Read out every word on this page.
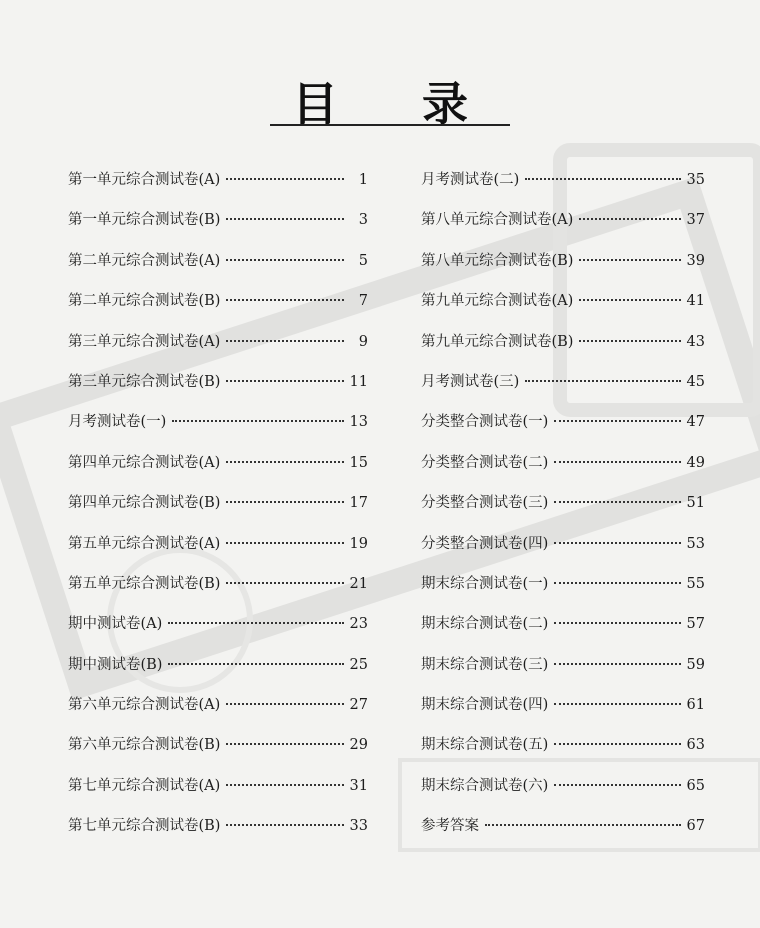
目 录
第一单元综合测试卷(A)	1
第一单元综合测试卷(B)	3
第二单元综合测试卷(A)	5
第二单元综合测试卷(B)	7
第三单元综合测试卷(A)	9
第三单元综合测试卷(B)	11
月考测试卷(一)	13
第四单元综合测试卷(A)	15
第四单元综合测试卷(B)	17
第五单元综合测试卷(A)	19
第五单元综合测试卷(B)	21
期中测试卷(A)	23
期中测试卷(B)	25
第六单元综合测试卷(A)	27
第六单元综合测试卷(B)	29
第七单元综合测试卷(A)	31
第七单元综合测试卷(B)	33
月考测试卷(二)	35
第八单元综合测试卷(A)	37
第八单元综合测试卷(B)	39
第九单元综合测试卷(A)	41
第九单元综合测试卷(B)	43
月考测试卷(三)	45
分类整合测试卷(一)	47
分类整合测试卷(二)	49
分类整合测试卷(三)	51
分类整合测试卷(四)	53
期末综合测试卷(一)	55
期末综合测试卷(二)	57
期末综合测试卷(三)	59
期末综合测试卷(四)	61
期末综合测试卷(五)	63
期末综合测试卷(六)	65
参考答案	67
